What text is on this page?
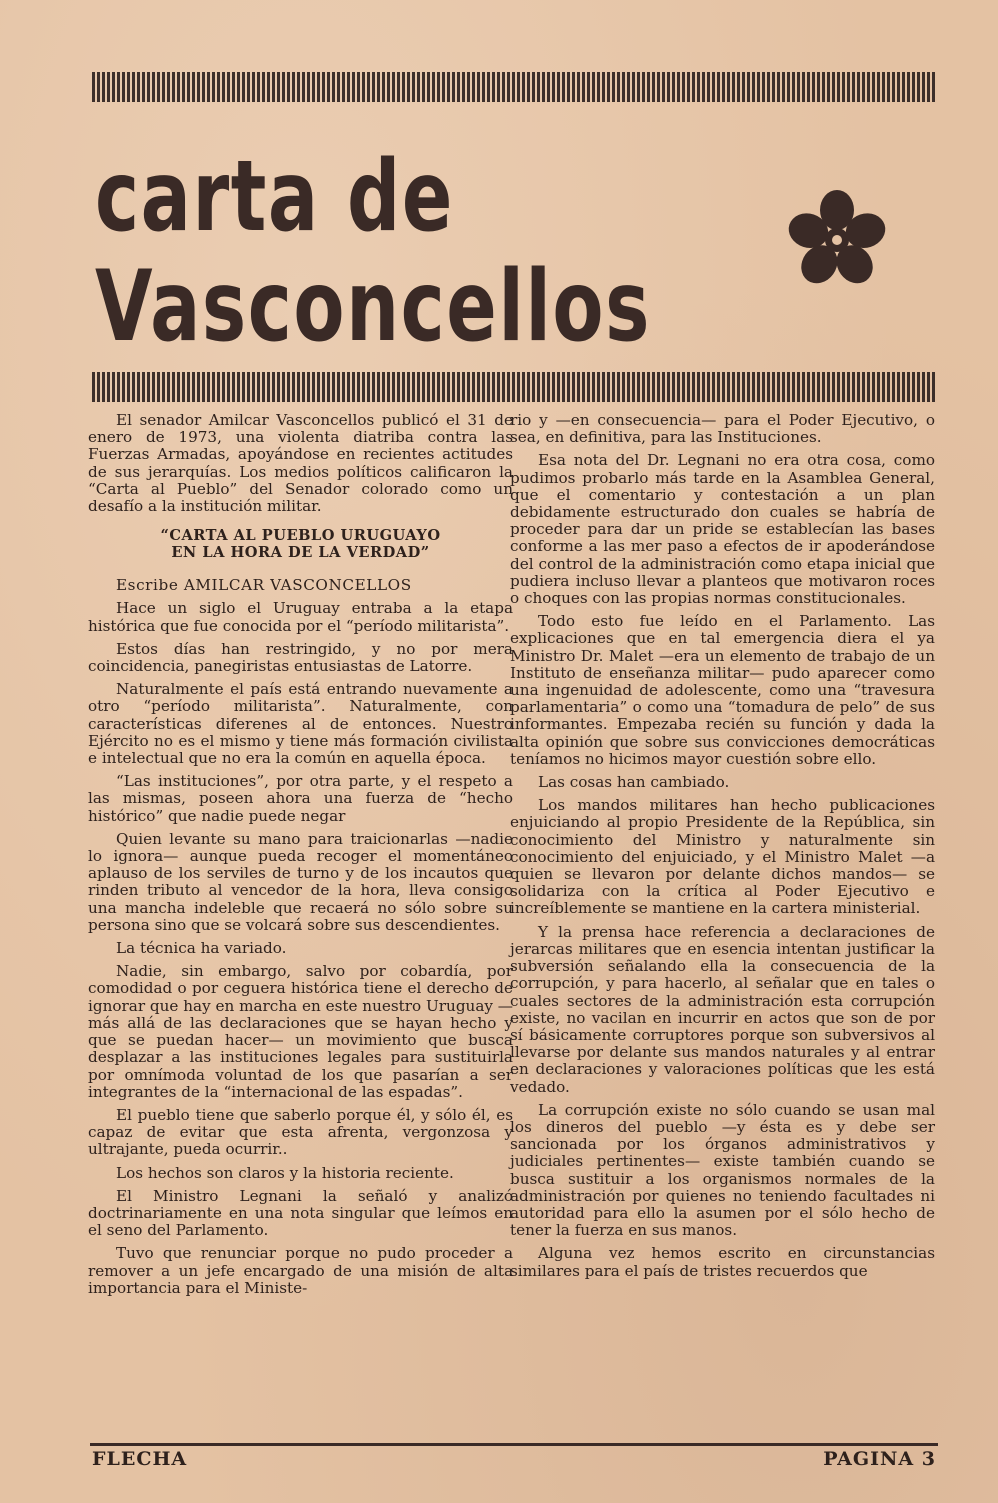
carta de
Vasconcellos

El senador Amilcar Vasconcellos publicó el 31 de enero de 1973, una violenta diatriba contra las Fuerzas Armadas, apoyándose en recientes actitudes de sus jerarquías. Los medios políticos calificaron la “Carta al Pueblo” del Senador colorado como un desafío a la institución militar.

“CARTA AL PUEBLO URUGUAYO
EN LA HORA DE LA VERDAD”

Escribe AMILCAR VASCONCELLOS

Hace un siglo el Uruguay entraba a la etapa histórica que fue conocida por el “período militarista”.

Estos días han restringido, y no por mera coincidencia, panegiristas entusiastas de Latorre.

Naturalmente el país está entrando nuevamente a otro “período militarista”. Naturalmente, con características diferenes al de entonces. Nuestro Ejército no es el mismo y tiene más formación civilista e intelectual que no era la común en aquella época.

“Las instituciones”, por otra parte, y el respeto a las mismas, poseen ahora una fuerza de “hecho histórico” que nadie puede negar

Quien levante su mano para traicionarlas —nadie lo ignora— aunque pueda recoger el momentáneo aplauso de los serviles de turno y de los incautos que rinden tributo al vencedor de la hora, lleva consigo una mancha indeleble que recaerá no sólo sobre su persona sino que se volcará sobre sus descendientes.

La técnica ha variado.

Nadie, sin embargo, salvo por cobardía, por comodidad o por ceguera histórica tiene el derecho de ignorar que hay en marcha en este nuestro Uruguay —más allá de las declaraciones que se hayan hecho y que se puedan hacer— un movimiento que busca desplazar a las instituciones legales para sustituirla por omnímoda voluntad de los que pasarían a ser integrantes de la “internacional de las espadas”.

El pueblo tiene que saberlo porque él, y sólo él, es capaz de evitar que esta afrenta, vergonzosa y ultrajante, pueda ocurrir..

Los hechos son claros y la historia reciente.

El Ministro Legnani la señaló y analizó doctrinariamente en una nota singular que leímos en el seno del Parlamento.

Tuvo que renunciar porque no pudo proceder a remover a un jefe encargado de una misión de alta importancia para el Ministe-

rio y —en consecuencia— para el Poder Ejecutivo, o sea, en definitiva, para las Instituciones.

Esa nota del Dr. Legnani no era otra cosa, como pudimos probarlo más tarde en la Asamblea General, que el comentario y contestación a un plan debidamente estructurado don cuales se habría de proceder para dar un pride se establecían las bases conforme a las mer paso a efectos de ir apoderándose del control de la administración como etapa inicial que pudiera incluso llevar a planteos que motivaron roces o choques con las propias normas constitucionales.

Todo esto fue leído en el Parlamento. Las explicaciones que en tal emergencia diera el ya Ministro Dr. Malet —era un elemento de trabajo de un Instituto de enseñanza militar— pudo aparecer como una ingenuidad de adolescente, como una “travesura parlamentaria” o como una “tomadura de pelo” de sus informantes. Empezaba recién su función y dada la alta opinión que sobre sus convicciones democráticas teníamos no hicimos mayor cuestión sobre ello.

Las cosas han cambiado.

Los mandos militares han hecho publicaciones enjuiciando al propio Presidente de la República, sin conocimiento del Ministro y naturalmente sin conocimiento del enjuiciado, y el Ministro Malet —a quien se llevaron por delante dichos mandos— se solidariza con la crítica al Poder Ejecutivo e increíblemente se mantiene en la cartera ministerial.

Y la prensa hace referencia a declaraciones de jerarcas militares que en esencia intentan justificar la subversión señalando ella la consecuencia de la corrupción, y para hacerlo, al señalar que en tales o cuales sectores de la administración esta corrupción existe, no vacilan en incurrir en actos que son de por sí básicamente corruptores porque son subversivos al llevarse por delante sus mandos naturales y al entrar en declaraciones y valoraciones políticas que les está vedado.

La corrupción existe no sólo cuando se usan mal los dineros del pueblo —y ésta es y debe ser sancionada por los órganos administrativos y judiciales pertinentes— existe también cuando se busca sustituir a los organismos normales de la administración por quienes no teniendo facultades ni autoridad para ello la asumen por el sólo hecho de tener la fuerza en sus manos.

Alguna vez hemos escrito en circunstancias similares para el país de tristes recuerdos que

FLECHA	PAGINA 3
